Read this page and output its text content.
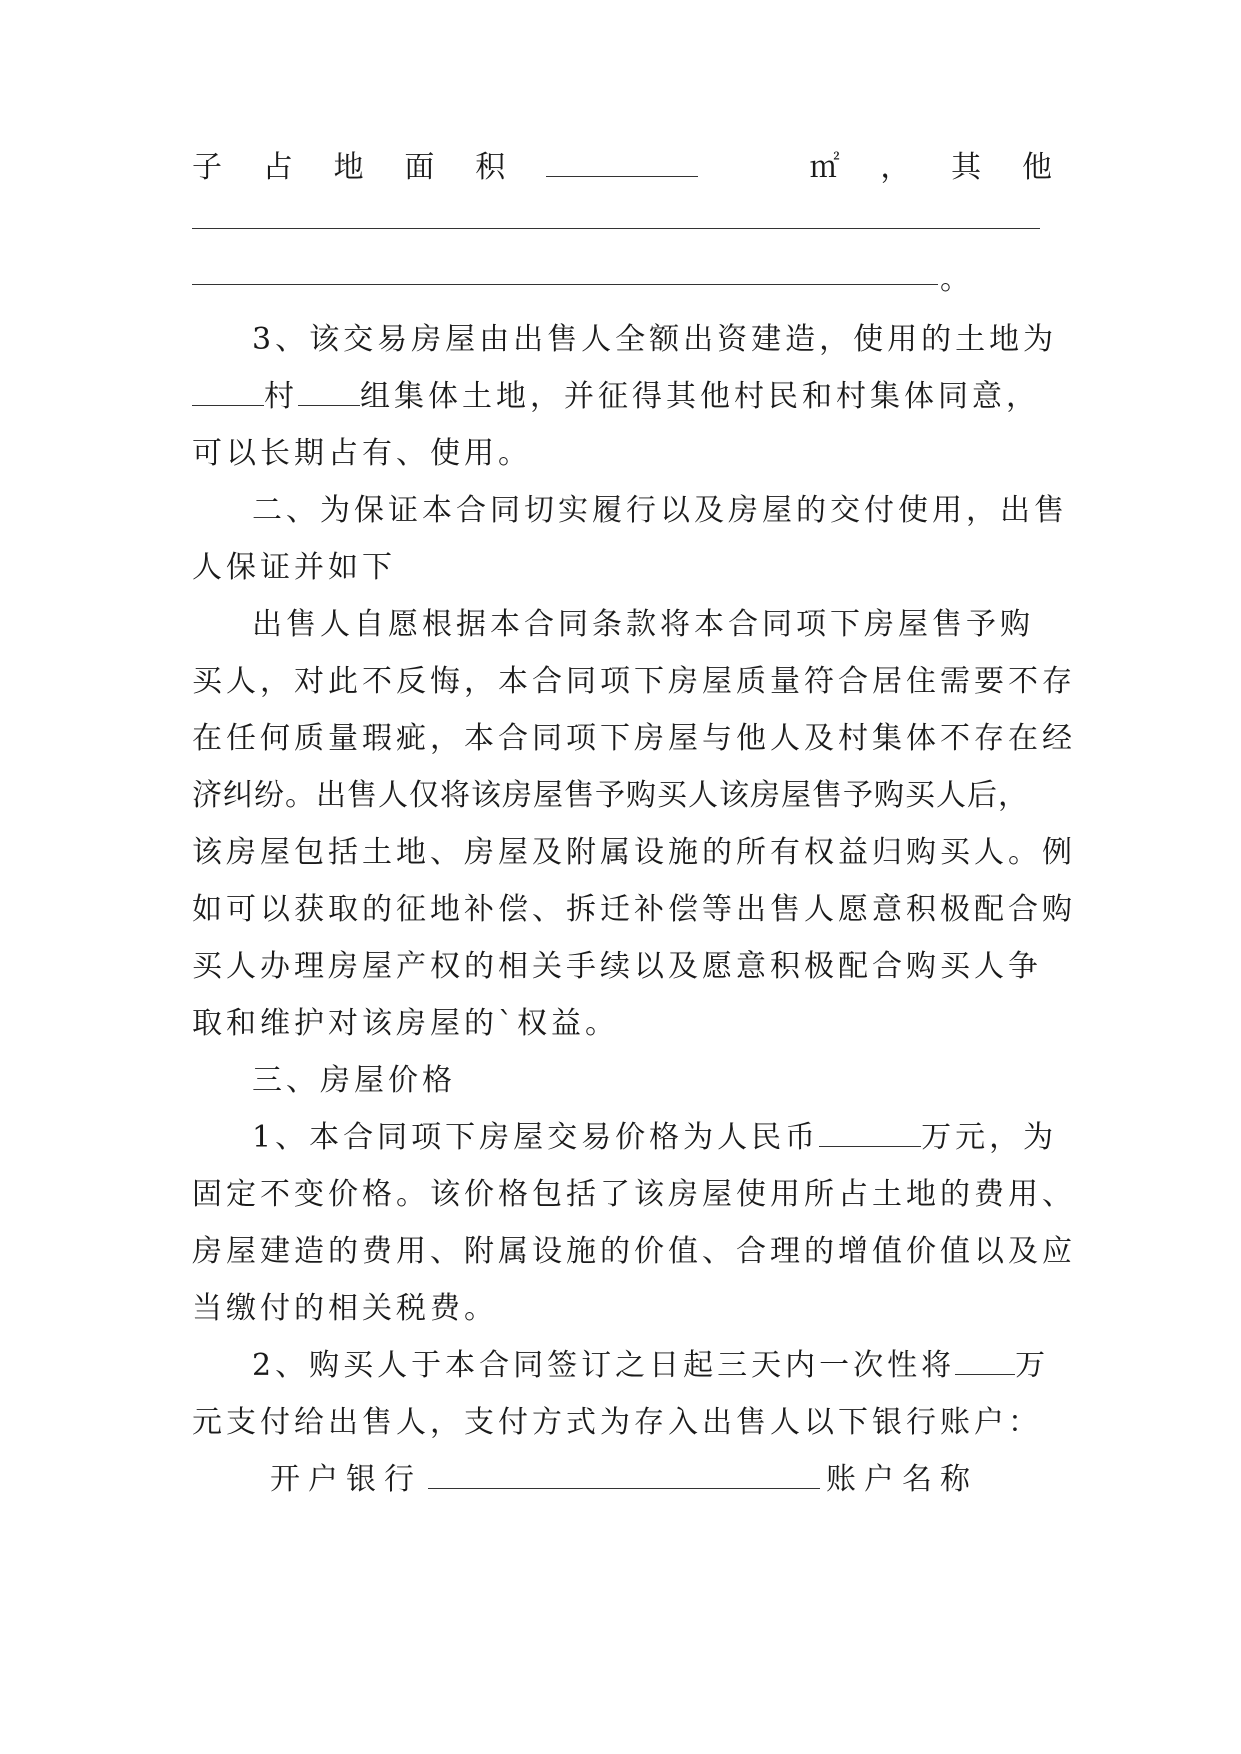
子 占 地 面 积	㎡ ， 其 他
。
3、该交易房屋由出售人全额出资建造，使用的土地为
村 组集体土地，并征得其他村民和村集体同意，
可以长期占有、使用。
二、为保证本合同切实履行以及房屋的交付使用，出售
人保证并如下
出售人自愿根据本合同条款将本合同项下房屋售予购
买人，对此不反悔，本合同项下房屋质量符合居住需要不存
在任何质量瑕疵，本合同项下房屋与他人及村集体不存在经
济纠纷。出售人仅将该房屋售予购买人该房屋售予购买人后，
该房屋包括土地、房屋及附属设施的所有权益归购买人。例
如可以获取的征地补偿、拆迁补偿等出售人愿意积极配合购
买人办理房屋产权的相关手续以及愿意积极配合购买人争
取和维护对该房屋的`权益。
三、房屋价格
1、本合同项下房屋交易价格为人民币	万元，为
固定不变价格。该价格包括了该房屋使用所占土地的费用、
房屋建造的费用、附属设施的价值、合理的增值价值以及应
当缴付的相关税费。
2、购买人于本合同签订之日起三天内一次性将 万
元支付给出售人，支付方式为存入出售人以下银行账户：
开户银行	账户名称
